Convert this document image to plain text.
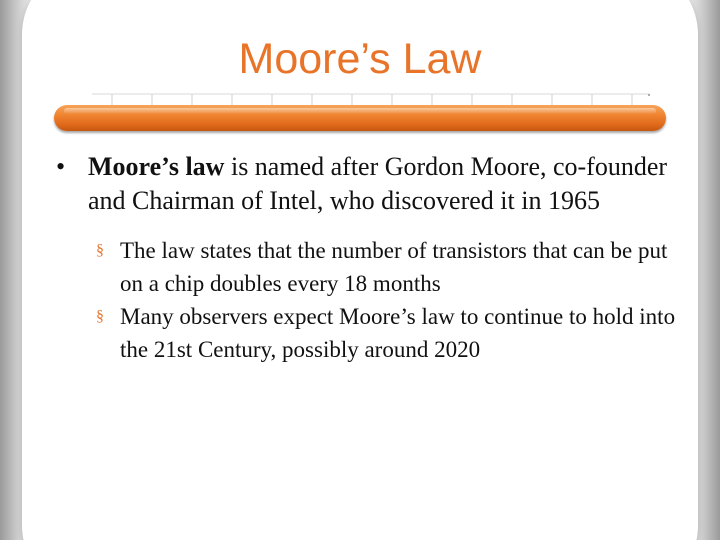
Moore’s Law

• Moore’s law is named after Gordon Moore, co-founder and Chairman of Intel, who discovered it in 1965

§ The law states that the number of transistors that can be put on a chip doubles every 18 months
§ Many observers expect Moore’s law to continue to hold into the 21st Century, possibly around 2020
